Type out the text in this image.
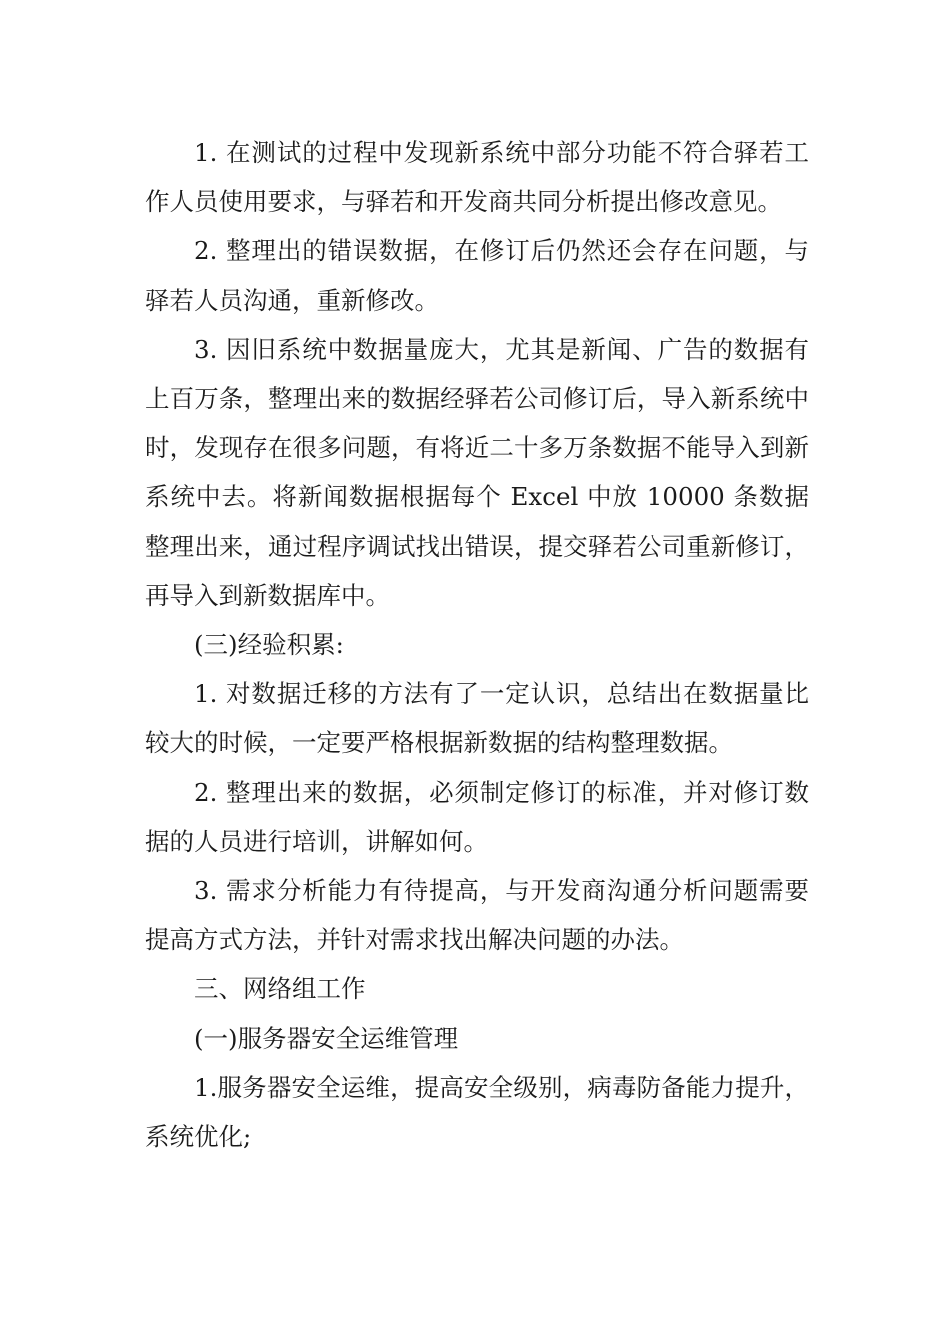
1. 在测试的过程中发现新系统中部分功能不符合驿若工作人员使用要求，与驿若和开发商共同分析提出修改意见。

2. 整理出的错误数据，在修订后仍然还会存在问题，与驿若人员沟通，重新修改。

3. 因旧系统中数据量庞大，尤其是新闻、广告的数据有上百万条，整理出来的数据经驿若公司修订后，导入新系统中时，发现存在很多问题，有将近二十多万条数据不能导入到新系统中去。将新闻数据根据每个 Excel 中放 10000 条数据整理出来，通过程序调试找出错误，提交驿若公司重新修订，再导入到新数据库中。

(三)经验积累:

1. 对数据迁移的方法有了一定认识，总结出在数据量比较大的时候，一定要严格根据新数据的结构整理数据。

2. 整理出来的数据，必须制定修订的标准，并对修订数据的人员进行培训，讲解如何。

3. 需求分析能力有待提高，与开发商沟通分析问题需要提高方式方法，并针对需求找出解决问题的办法。

三、网络组工作

(一)服务器安全运维管理

1.服务器安全运维，提高安全级别，病毒防备能力提升，系统优化;
